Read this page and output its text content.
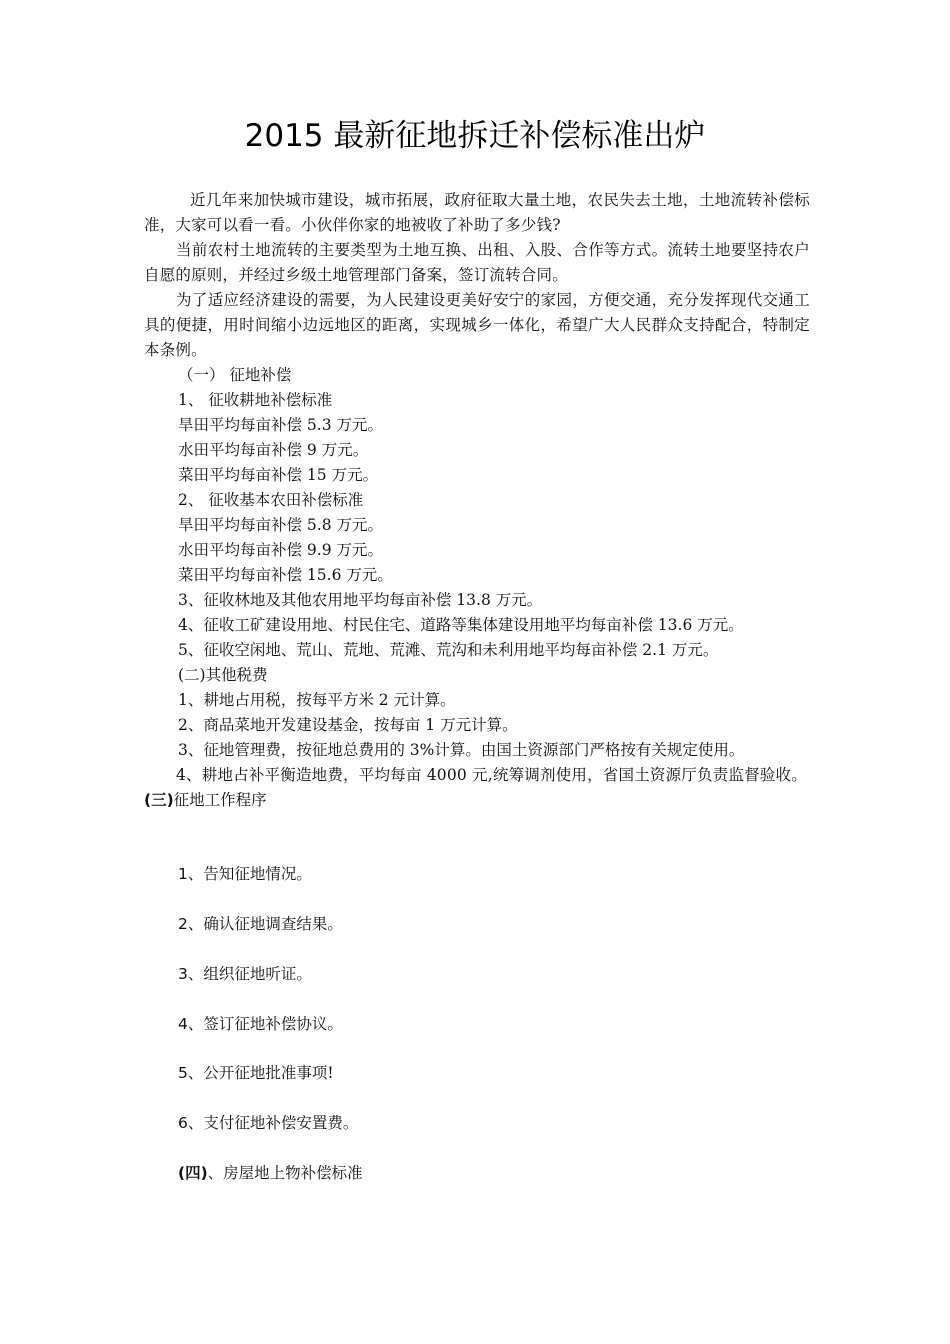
2015 最新征地拆迁补偿标准出炉

近几年来加快城市建设，城市拓展，政府征取大量土地，农民失去土地，土地流转补偿标准，大家可以看一看。小伙伴你家的地被收了补助了多少钱?

当前农村土地流转的主要类型为土地互换、出租、入股、合作等方式。流转土地要坚持农户自愿的原则，并经过乡级土地管理部门备案，签订流转合同。

为了适应经济建设的需要，为人民建设更美好安宁的家园，方便交通，充分发挥现代交通工具的便捷，用时间缩小边远地区的距离，实现城乡一体化，希望广大人民群众支持配合，特制定本条例。

（一） 征地补偿

1、 征收耕地补偿标准

旱田平均每亩补偿 5.3 万元。

水田平均每亩补偿 9 万元。

菜田平均每亩补偿 15 万元。

2、 征收基本农田补偿标准

旱田平均每亩补偿 5.8 万元。

水田平均每亩补偿 9.9 万元。

菜田平均每亩补偿 15.6 万元。

3、征收林地及其他农用地平均每亩补偿 13.8 万元。

4、征收工矿建设用地、村民住宅、道路等集体建设用地平均每亩补偿 13.6 万元。

5、征收空闲地、荒山、荒地、荒滩、荒沟和未利用地平均每亩补偿 2.1 万元。

(二)其他税费

1、耕地占用税，按每平方米 2 元计算。

2、商品菜地开发建设基金，按每亩 1 万元计算。

3、征地管理费，按征地总费用的 3%计算。由国土资源部门严格按有关规定使用。

4、耕地占补平衡造地费，平均每亩 4000 元,统筹调剂使用，省国土资源厅负责监督验收。

(三)征地工作程序

1、告知征地情况。

2、确认征地调查结果。

3、组织征地听证。

4、签订征地补偿协议。

5、公开征地批准事项!

6、支付征地补偿安置费。

(四)、房屋地上物补偿标准
